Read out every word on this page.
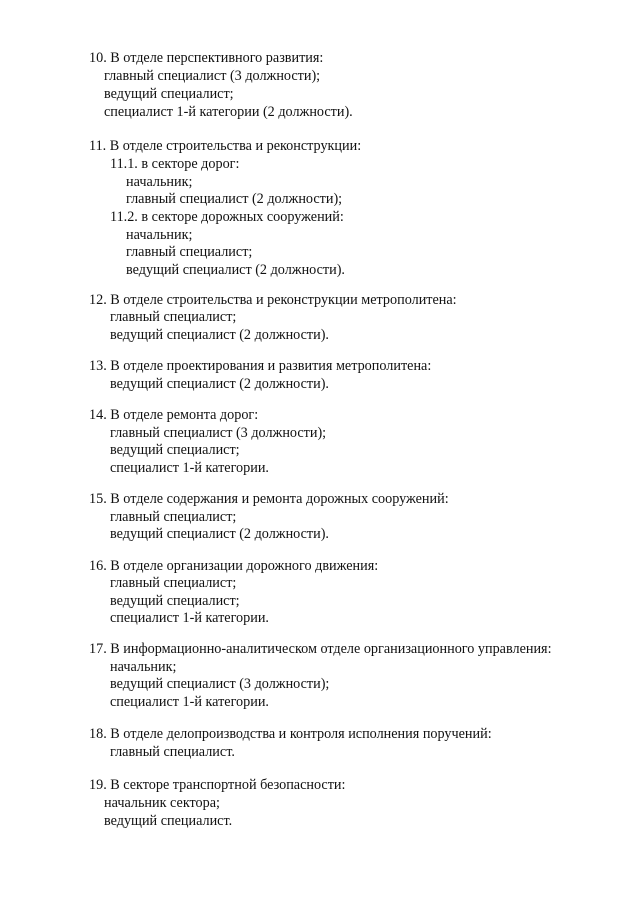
10. В отделе перспективного развития:
главный специалист (3 должности);
ведущий специалист;
специалист 1-й категории (2 должности).
11. В отделе строительства и реконструкции:
11.1. в секторе дорог:
начальник;
главный специалист (2 должности);
11.2. в секторе дорожных сооружений:
начальник;
главный специалист;
ведущий специалист (2 должности).
12. В отделе строительства и реконструкции метрополитена:
главный специалист;
ведущий специалист (2 должности).
13. В отделе проектирования и развития метрополитена:
ведущий специалист (2 должности).
14. В отделе ремонта дорог:
главный специалист (3 должности);
ведущий специалист;
специалист 1-й категории.
15. В отделе содержания и ремонта дорожных сооружений:
главный специалист;
ведущий специалист (2 должности).
16. В отделе организации дорожного движения:
главный специалист;
ведущий специалист;
специалист 1-й категории.
17. В информационно-аналитическом отделе организационного управления:
начальник;
ведущий специалист (3 должности);
специалист 1-й категории.
18. В отделе делопроизводства и контроля исполнения поручений:
главный специалист.
19. В секторе транспортной безопасности:
начальник сектора;
ведущий специалист.
